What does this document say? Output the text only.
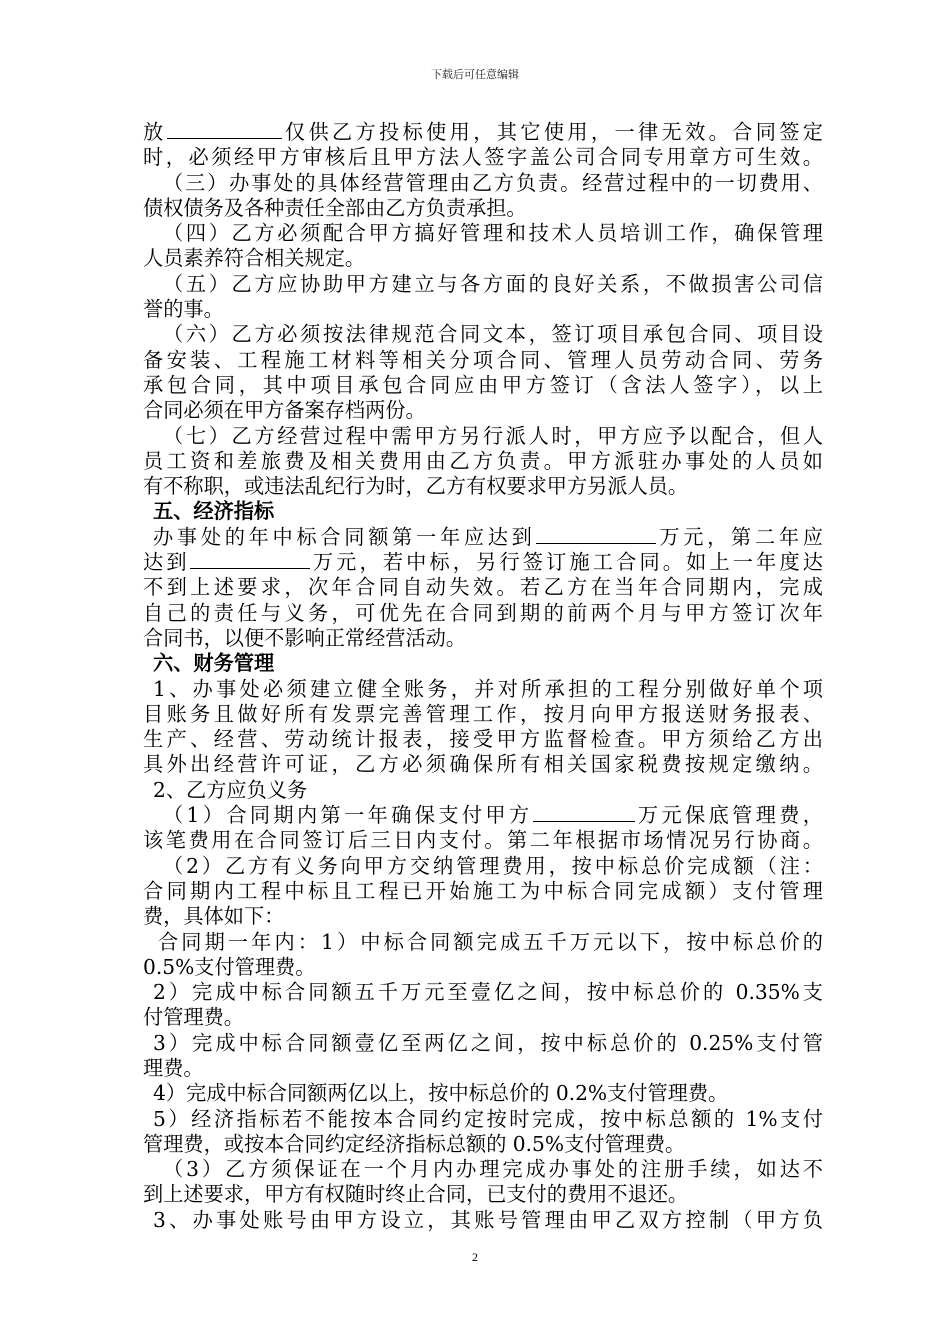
下载后可任意编辑
放	仅供乙方投标使用，其它使用，一律无效。合同签定
时，必须经甲方审核后且甲方法人签字盖公司合同专用章方可生效。
（三）办事处的具体经营管理由乙方负责。经营过程中的一切费用、
债权债务及各种责任全部由乙方负责承担。
（四）乙方必须配合甲方搞好管理和技术人员培训工作，确保管理
人员素养符合相关规定。
（五）乙方应协助甲方建立与各方面的良好关系，不做损害公司信
誉的事。
（六）乙方必须按法律规范合同文本，签订项目承包合同、项目设
备安装、工程施工材料等相关分项合同、管理人员劳动合同、劳务
承包合同，其中项目承包合同应由甲方签订（含法人签字），以上
合同必须在甲方备案存档两份。
（七）乙方经营过程中需甲方另行派人时，甲方应予以配合，但人
员工资和差旅费及相关费用由乙方负责。甲方派驻办事处的人员如
有不称职，或违法乱纪行为时，乙方有权要求甲方另派人员。
五、经济指标
办事处的年中标合同额第一年应达到	万元，第二年应
达到	万元，若中标，另行签订施工合同。如上一年度达
不到上述要求，次年合同自动失效。若乙方在当年合同期内，完成
自己的责任与义务，可优先在合同到期的前两个月与甲方签订次年
合同书，以便不影响正常经营活动。
六、财务管理
1、办事处必须建立健全账务，并对所承担的工程分别做好单个项
目账务且做好所有发票完善管理工作，按月向甲方报送财务报表、
生产、经营、劳动统计报表，接受甲方监督检查。甲方须给乙方出
具外出经营许可证，乙方必须确保所有相关国家税费按规定缴纳。
2、乙方应负义务
（1）合同期内第一年确保支付甲方	万元保底管理费，
该笔费用在合同签订后三日内支付。第二年根据市场情况另行协商。
（2）乙方有义务向甲方交纳管理费用，按中标总价完成额（注：
合同期内工程中标且工程已开始施工为中标合同完成额）支付管理
费，具体如下：
合同期一年内：1）中标合同额完成五千万元以下，按中标总价的
0.5%支付管理费。
2）完成中标合同额五千万元至壹亿之间，按中标总价的 0.35%支
付管理费。
3）完成中标合同额壹亿至两亿之间，按中标总价的 0.25%支付管
理费。
4）完成中标合同额两亿以上，按中标总价的 0.2%支付管理费。
5）经济指标若不能按本合同约定按时完成，按中标总额的 1%支付
管理费，或按本合同约定经济指标总额的 0.5%支付管理费。
（3）乙方须保证在一个月内办理完成办事处的注册手续，如达不
到上述要求，甲方有权随时终止合同，已支付的费用不退还。
3、办事处账号由甲方设立，其账号管理由甲乙双方控制（甲方负
2
